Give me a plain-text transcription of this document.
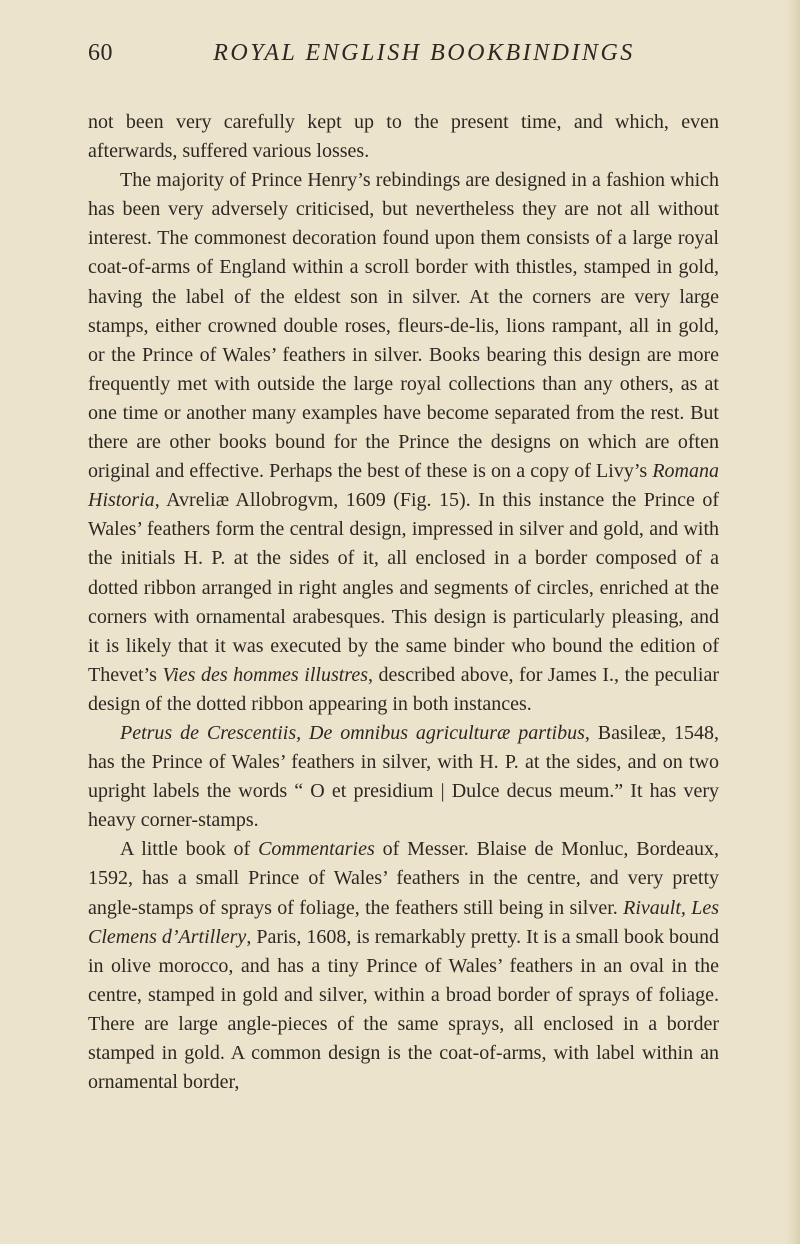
60	ROYAL ENGLISH BOOKBINDINGS

not been very carefully kept up to the present time, and which, even afterwards, suffered various losses.

The majority of Prince Henry’s rebindings are designed in a fashion which has been very adversely criticised, but nevertheless they are not all without interest. The commonest decoration found upon them consists of a large royal coat-of-arms of England within a scroll border with thistles, stamped in gold, having the label of the eldest son in silver. At the corners are very large stamps, either crowned double roses, fleurs-de-lis, lions rampant, all in gold, or the Prince of Wales’ feathers in silver. Books bearing this design are more frequently met with outside the large royal collections than any others, as at one time or another many examples have become separated from the rest. But there are other books bound for the Prince the designs on which are often original and effective. Perhaps the best of these is on a copy of Livy’s Romana Historia, Avreliæ Allobrogvm, 1609 (Fig. 15). In this instance the Prince of Wales’ feathers form the central design, impressed in silver and gold, and with the initials H. P. at the sides of it, all enclosed in a border composed of a dotted ribbon arranged in right angles and segments of circles, enriched at the corners with ornamental arabesques. This design is particularly pleasing, and it is likely that it was executed by the same binder who bound the edition of Thevet’s Vies des hommes illustres, described above, for James I., the peculiar design of the dotted ribbon appearing in both instances.

Petrus de Crescentiis, De omnibus agriculturæ partibus, Basileæ, 1548, has the Prince of Wales’ feathers in silver, with H. P. at the sides, and on two upright labels the words “ O et presidium | Dulce decus meum.” It has very heavy corner-stamps.

A little book of Commentaries of Messer. Blaise de Monluc, Bordeaux, 1592, has a small Prince of Wales’ feathers in the centre, and very pretty angle-stamps of sprays of foliage, the feathers still being in silver. Rivault, Les Clemens d’Artillery, Paris, 1608, is remarkably pretty. It is a small book bound in olive morocco, and has a tiny Prince of Wales’ feathers in an oval in the centre, stamped in gold and silver, within a broad border of sprays of foliage. There are large angle-pieces of the same sprays, all enclosed in a border stamped in gold. A common design is the coat-of-arms, with label within an ornamental border,
